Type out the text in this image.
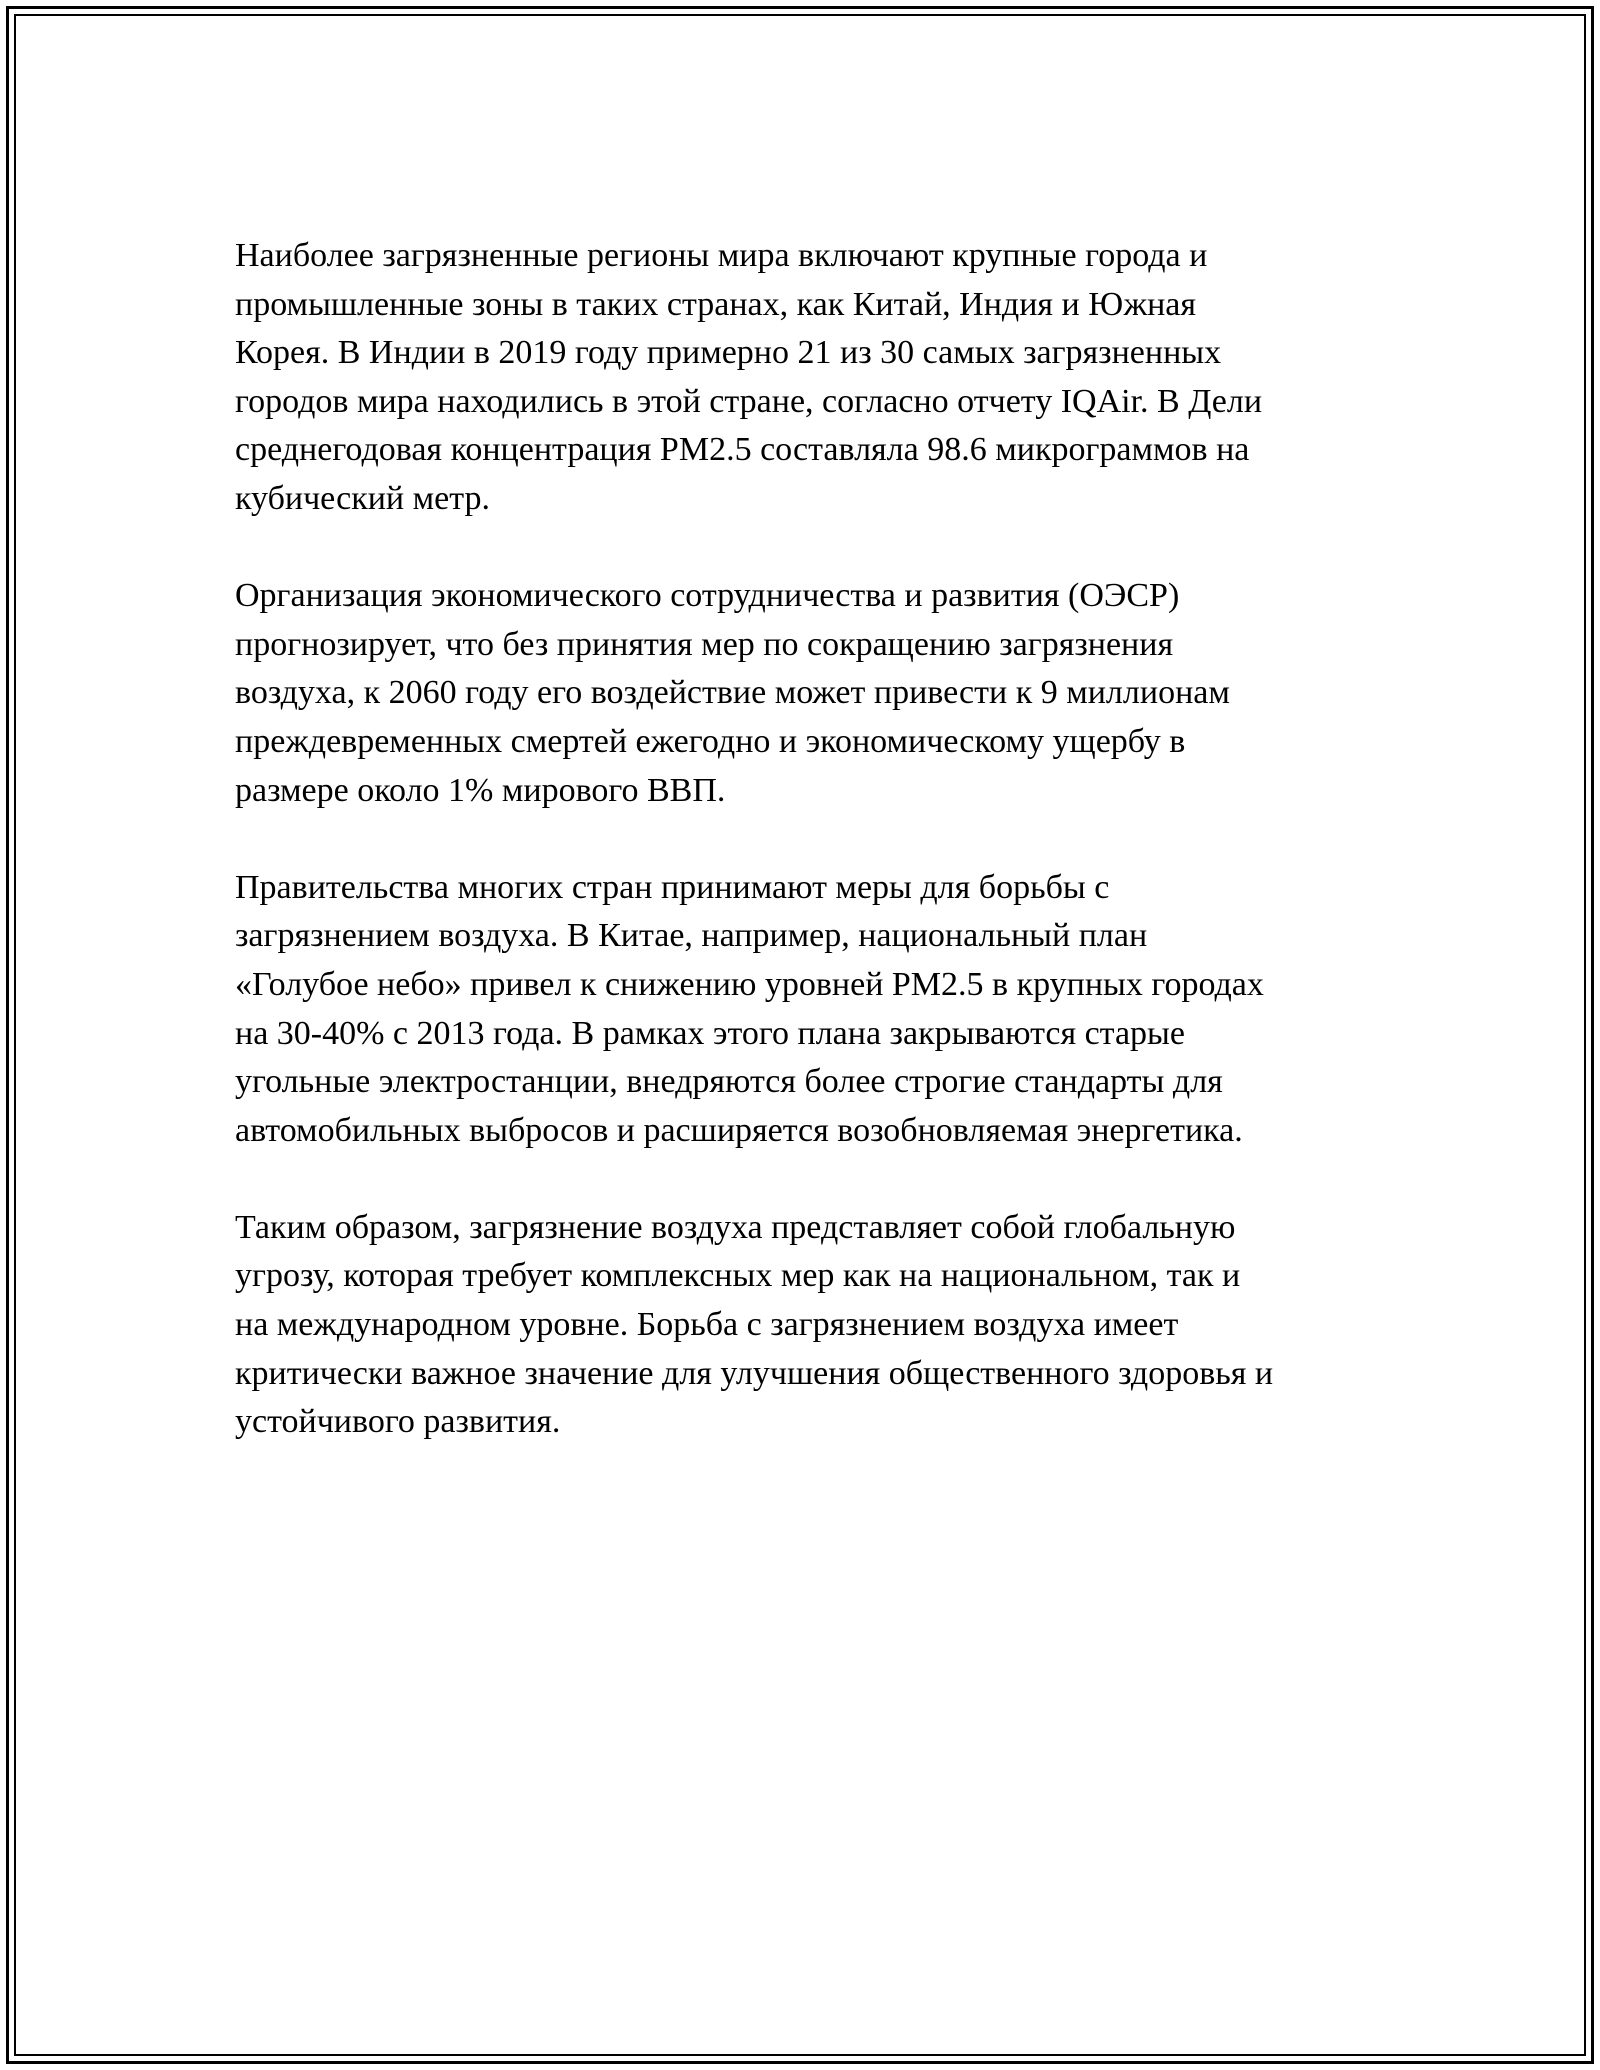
Наиболее загрязненные регионы мира включают крупные города и
промышленные зоны в таких странах, как Китай, Индия и Южная
Корея. В Индии в 2019 году примерно 21 из 30 самых загрязненных
городов мира находились в этой стране, согласно отчету IQAir. В Дели
среднегодовая концентрация PM2.5 составляла 98.6 микрограммов на
кубический метр.

Организация экономического сотрудничества и развития (ОЭСР)
прогнозирует, что без принятия мер по сокращению загрязнения
воздуха, к 2060 году его воздействие может привести к 9 миллионам
преждевременных смертей ежегодно и экономическому ущербу в
размере около 1% мирового ВВП.

Правительства многих стран принимают меры для борьбы с
загрязнением воздуха. В Китае, например, национальный план
«Голубое небо» привел к снижению уровней PM2.5 в крупных городах
на 30-40% с 2013 года. В рамках этого плана закрываются старые
угольные электростанции, внедряются более строгие стандарты для
автомобильных выбросов и расширяется возобновляемая энергетика.

Таким образом, загрязнение воздуха представляет собой глобальную
угрозу, которая требует комплексных мер как на национальном, так и
на международном уровне. Борьба с загрязнением воздуха имеет
критически важное значение для улучшения общественного здоровья и
устойчивого развития.
